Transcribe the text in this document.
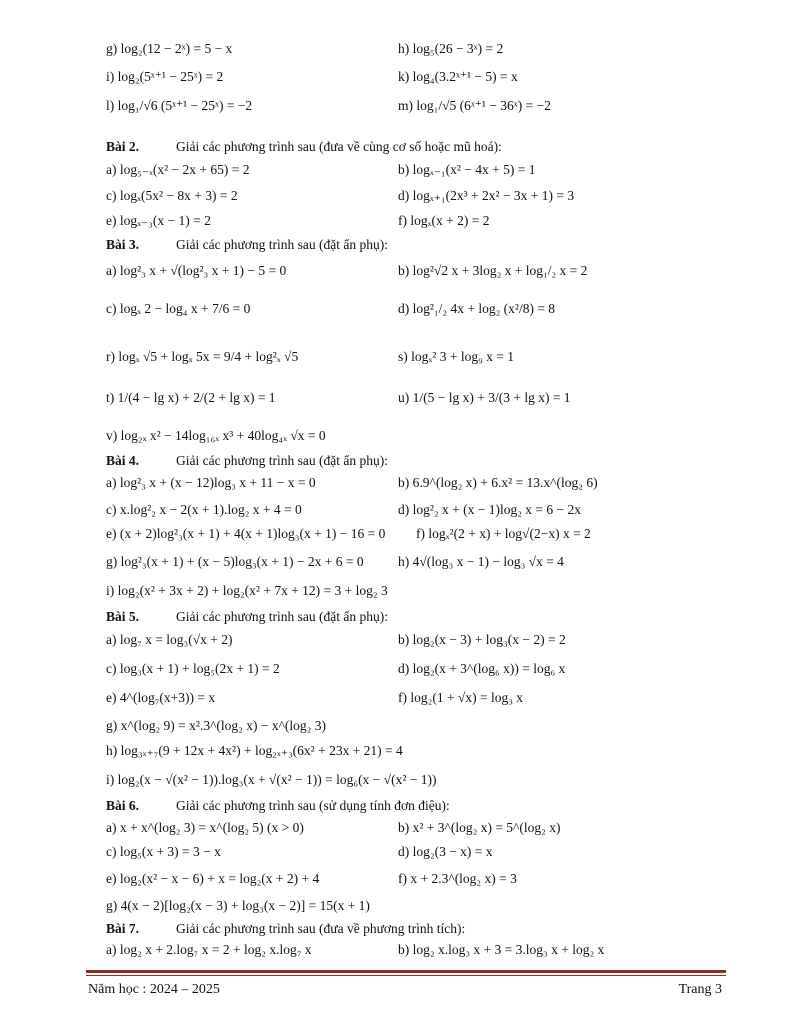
g) log₂(12 − 2ˣ) = 5 − x	h) log₅(26 − 3ˣ) = 2
i) log₂(5ˣ⁺¹ − 25ˣ) = 2	k) log₄(3.2ˣ⁺¹ − 5) = x
l) log₁/√6 (5ˣ⁺¹ − 25ˣ) = −2	m) log₁/√5 (6ˣ⁺¹ − 36ˣ) = −2
Bài 2.	Giải các phương trình sau (đưa về cùng cơ số hoặc mũ hoá):
a) log₅₋ₓ(x² − 2x + 65) = 2	b) logₓ₋₁(x² − 4x + 5) = 1
c) logₓ(5x² − 8x + 3) = 2	d) logₓ₊₁(2x³ + 2x² − 3x + 1) = 3
e) logₓ₋₃(x − 1) = 2	f) logₓ(x + 2) = 2
Bài 3.	Giải các phương trình sau (đặt ẩn phụ):
a) log²₃ x + √(log²₃ x + 1) − 5 = 0	b) log²√2 x + 3log₂ x + log₁/₂ x = 2
c) logₓ 2 − log₄ x + 7/6 = 0	d) log²₁/₂ 4x + log₂ (x²/8) = 8
r) logₓ √5 + logₓ 5x = 9/4 + log²ₓ √5	s) logₓ² 3 + log₉ x = 1
t) 1/(4 − lg x) + 2/(2 + lg x) = 1	u) 1/(5 − lg x) + 3/(3 + lg x) = 1
v) log₂ₓ x² − 14log₁₆ₓ x³ + 40log₄ₓ √x = 0
Bài 4.	Giải các phương trình sau (đặt ẩn phụ):
a) log²₃ x + (x − 12)log₃ x + 11 − x = 0	b) 6.9^(log₂ x) + 6.x² = 13.x^(log₂ 6)
c) x.log²₂ x − 2(x + 1).log₂ x + 4 = 0	d) log²₂ x + (x − 1)log₂ x = 6 − 2x
e) (x + 2)log²₃(x + 1) + 4(x + 1)log₃(x + 1) − 16 = 0 f) logₓ²(2 + x) + log√(2−x) x = 2
g) log²₃(x + 1) + (x − 5)log₃(x + 1) − 2x + 6 = 0	h) 4√(log₃ x − 1) − log₃ √x = 4
i) log₂(x² + 3x + 2) + log₂(x² + 7x + 12) = 3 + log₂ 3
Bài 5.	Giải các phương trình sau (đặt ẩn phụ):
a) log₇ x = log₃(√x + 2)	b) log₂(x − 3) + log₃(x − 2) = 2
c) log₃(x + 1) + log₅(2x + 1) = 2	d) log₂(x + 3^(log₆ x)) = log₆ x
e) 4^(log₇(x+3)) = x	f) log₂(1 + √x) = log₃ x
g) x^(log₂ 9) = x².3^(log₂ x) − x^(log₂ 3)
h) log₃ₓ₊₇(9 + 12x + 4x²) + log₂ₓ₊₃(6x² + 23x + 21) = 4
i) log₂(x − √(x² − 1)).log₃(x + √(x² − 1)) = log₆(x − √(x² − 1))
Bài 6.	Giải các phương trình sau (sử dụng tính đơn điệu):
a) x + x^(log₂ 3) = x^(log₂ 5) (x > 0)	b) x² + 3^(log₂ x) = 5^(log₂ x)
c) log₅(x + 3) = 3 − x	d) log₂(3 − x) = x
e) log₂(x² − x − 6) + x = log₂(x + 2) + 4	f) x + 2.3^(log₂ x) = 3
g) 4(x − 2)[log₂(x − 3) + log₃(x − 2)] = 15(x + 1)
Bài 7.	Giải các phương trình sau (đưa về phương trình tích):
a) log₂ x + 2.log₇ x = 2 + log₂ x.log₇ x	b) log₂ x.log₃ x + 3 = 3.log₃ x + log₂ x
Năm học : 2024 – 2025	Trang 3
